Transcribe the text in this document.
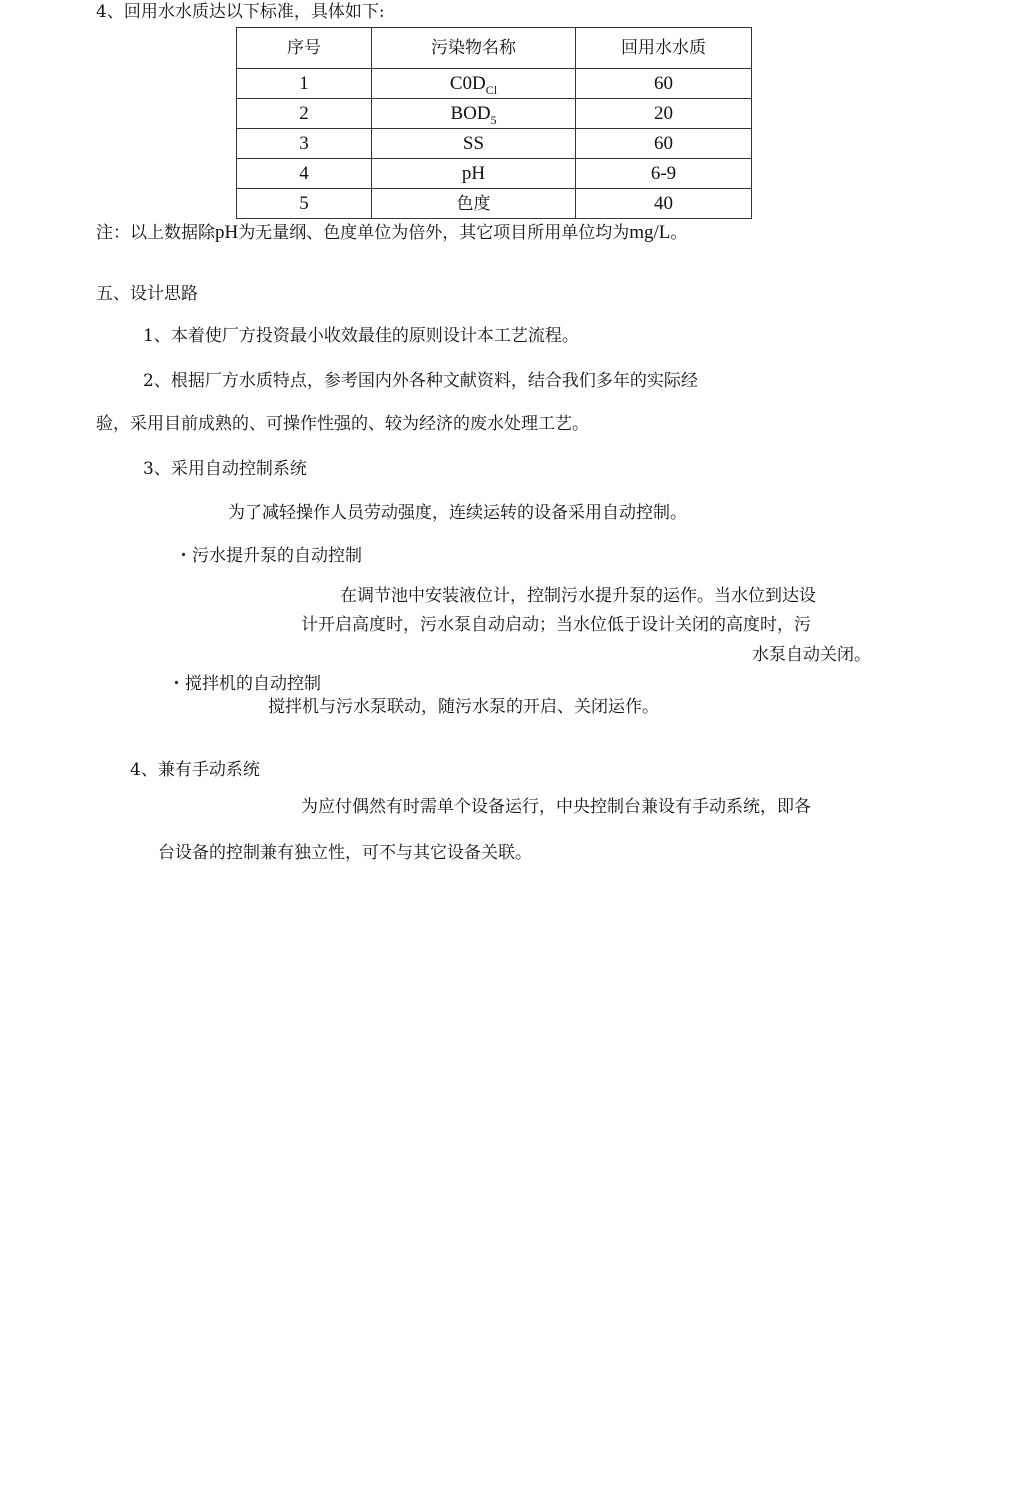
4、回用水水质达以下标准，具体如下:
序号	污染物名称	回用水水质
1	$C0D_{Cl}$	60
2	$BOD_5$	20
3	SS	60
4	pH	6-9
5	色度	40
注：以上数据除pH为无量纲、色度单位为倍外，其它项目所用单位均为mg/L。
五、设计思路
1、本着使厂方投资最小收效最佳的原则设计本工艺流程。
2、根据厂方水质特点，参考国内外各种文献资料，结合我们多年的实际经
验，采用目前成熟的、可操作性强的、较为经济的废水处理工艺。
3、采用自动控制系统
为了减轻操作人员劳动强度，连续运转的设备采用自动控制。
・污水提升泵的自动控制
在调节池中安装液位计，控制污水提升泵的运作。当水位到达设
计开启高度时，污水泵自动启动；当水位低于设计关闭的高度时，污
水泵自动关闭。
・搅拌机的自动控制
搅拌机与污水泵联动，随污水泵的开启、关闭运作。
4、兼有手动系统
为应付偶然有时需单个设备运行，中央控制台兼设有手动系统，即各
台设备的控制兼有独立性，可不与其它设备关联。
